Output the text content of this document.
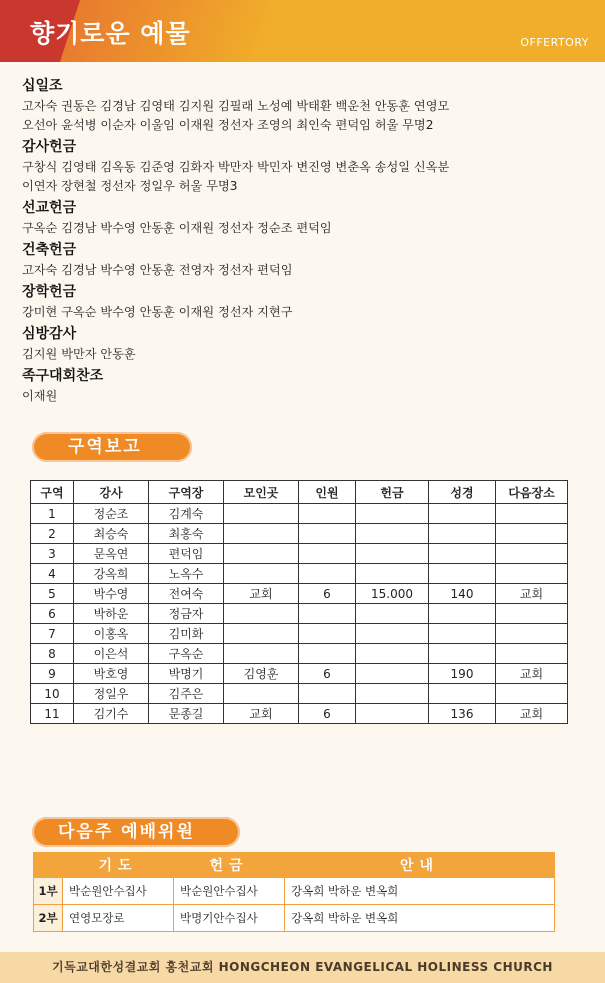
향기로운 예물	OFFERTORY
십일조
고자숙 권동은 김경남 김영태 김지원 김필래 노성예 박태환 백운천 안동훈 연영모
오선아 윤석병 이순자 이울임 이재원 정선자 조영의 최인숙 편덕임 허울 무명2
감사헌금
구창식 김영태 김옥동 김준영 김화자 박만자 박민자 변진영 변춘옥 송성일 신옥분
이연자 장현철 정선자 정일우 허울 무명3
선교헌금
구옥순 김경남 박수영 안동훈 이재원 정선자 정순조 편덕임
건축헌금
고자숙 김경남 박수영 안동훈 전영자 정선자 편덕임
장학헌금
강미현 구옥순 박수영 안동훈 이재원 정선자 지현구
심방감사
김지원 박만자 안동훈
족구대회찬조
이재원
구역보고
구역	강사	구역장	모인곳	인원	헌금	성경	다음장소
1	정순조	김계숙					
2	최승숙	최홍숙					
3	문옥연	편덕임					
4	강옥희	노옥수					
5	박수영	전여숙	교회	6	15.000	140	교회
6	박하운	정금자					
7	이홍옥	김미화					
8	이은석	구옥순					
9	박호영	박명기	김영훈	6		190	교회
10	정일우	김주은					
11	김기수	문종길	교회	6		136	교회
다음주 예배위원
	기도	헌금	안내
1부	박순원안수집사	박순원안수집사	강옥희 박하운 변옥희
2부	연영모장로	박명기안수집사	강옥희 박하운 변옥희
기독교대한성결교회 홍천교회 HONGCHEON EVANGELICAL HOLINESS CHURCH
